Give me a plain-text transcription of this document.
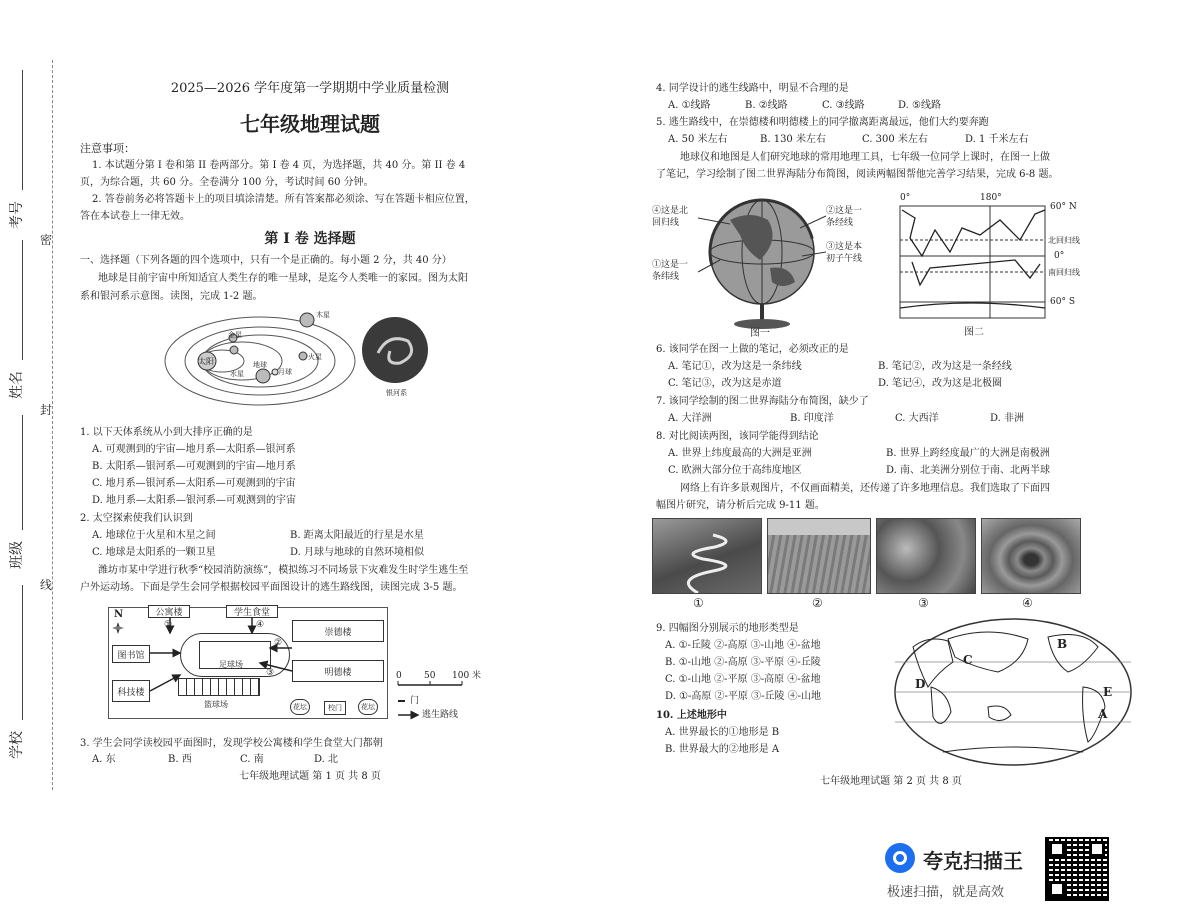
考号
姓名
班级
学校
密
封
线
2025—2026 学年度第一学期期中学业质量检测
七年级地理试题
注意事项：
1. 本试题分第 I 卷和第 II 卷两部分。第 I 卷 4 页，为选择题，共 40 分。第 II 卷 4
页，为综合题，共 60 分。全卷满分 100 分，考试时间 60 分钟。
2. 答卷前务必将答题卡上的项目填涂清楚。所有答案都必须涂、写在答题卡相应位置，
答在本试卷上一律无效。
第 I 卷 选择题
一、选择题（下列各题的四个选项中，只有一个是正确的。每小题 2 分，共 40 分）
地球是目前宇宙中所知适宜人类生存的唯一星球，是迄今人类唯一的家园。图为太阳
系和银河系示意图。读图，完成 1-2 题。
太阳
金星
水星
地球
月球
火星
木星
银河系
1. 以下天体系统从小到大排序正确的是
A. 可观测到的宇宙—地月系—太阳系—银河系
B. 太阳系—银河系—可观测到的宇宙—地月系
C. 地月系—银河系—太阳系—可观测到的宇宙
D. 地月系—太阳系—银河系—可观测到的宇宙
2. 太空探索使我们认识到
A. 地球位于火星和木星之间	B. 距离太阳最近的行星是水星
C. 地球是太阳系的一颗卫星	D. 月球与地球的自然环境相似
潍坊市某中学进行秋季“校园消防演练”，模拟练习不同场景下灾难发生时学生逃生至
户外运动场。下面是学生会同学根据校园平面图设计的逃生路线图，读图完成 3-5 题。
N	公寓楼	学生食堂
图书馆
科技楼
足球场
崇德楼
明德楼
篮球场	花坛	校门	花坛
①	④
②
③	0 50 100 米
门
逃生路线
3. 学生会同学读校园平面图时，发现学校公寓楼和学生食堂大门都朝
A. 东	B. 西	C. 南	D. 北
七年级地理试题 第 1 页 共 8 页
4. 同学设计的逃生线路中，明显不合理的是
A. ①线路	B. ②线路	C. ③线路	D. ⑤线路
5. 逃生路线中，在崇德楼和明德楼上的同学撤离距离最远，他们大约要奔跑
A. 50 米左右	B. 130 米左右	C. 300 米左右	D. 1 千米左右
地球仪和地图是人们研究地球的常用地理工具，七年级一位同学上课时，在图一上做
了笔记，学习绘制了图二世界海陆分布简图，阅读两幅图帮他完善学习结果，完成 6-8 题。
④这是北
回归线
①这是一
条纬线
②这是一
条经线
③这是本
初子午线
图一
0°	180°
60° N
北回归线
0°
南回归线
60° S
图二
6. 该同学在图一上做的笔记，必须改正的是
A. 笔记①，改为这是一条纬线	B. 笔记②，改为这是一条经线
C. 笔记③，改为这是赤道	D. 笔记④，改为这是北极圈
7. 该同学绘制的图二世界海陆分布简图，缺少了
A. 大洋洲	B. 印度洋	C. 大西洋	D. 非洲
8. 对比阅读两图，该同学能得到结论
A. 世界上纬度最高的大洲是亚洲	B. 世界上跨经度最广的大洲是南极洲
C. 欧洲大部分位于高纬度地区	D. 南、北美洲分别位于南、北两半球
网络上有许多景观图片，不仅画面精美，还传递了许多地理信息。我们选取了下面四
幅图片研究，请分析后完成 9-11 题。
①	②	③	④
A
B
C
D
E
9. 四幅图分别展示的地形类型是
A. ①-丘陵 ②-高原 ③-山地 ④-盆地
B. ①-山地 ②-高原 ③-平原 ④-丘陵
C. ①-山地 ②-平原 ③-高原 ④-盆地
D. ①-高原 ②-平原 ③-丘陵 ④-山地
10. 上述地形中
A. 世界最长的①地形是 B
B. 世界最大的②地形是 A
七年级地理试题 第 2 页 共 8 页
夸克扫描王
极速扫描，就是高效
